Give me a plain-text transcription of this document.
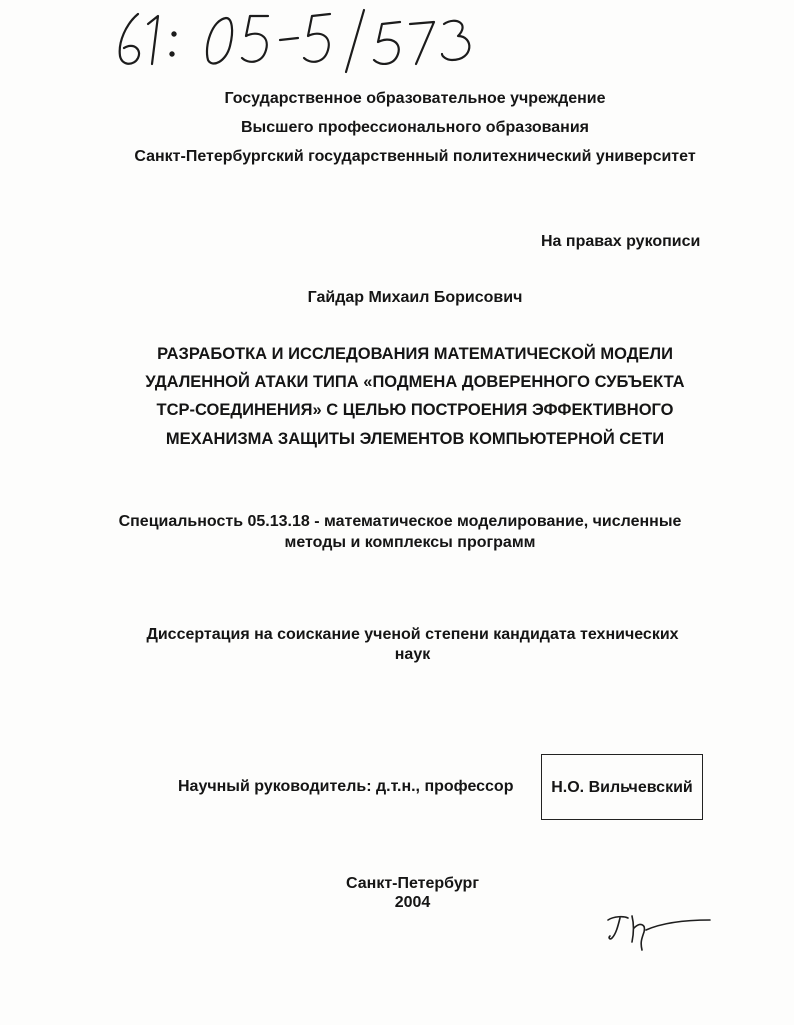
Государственное образовательное учреждение
Высшего профессионального образования
Санкт-Петербургский государственный политехнический университет
На правах рукописи
Гайдар Михаил Борисович
РАЗРАБОТКА И ИССЛЕДОВАНИЯ МАТЕМАТИЧЕСКОЙ МОДЕЛИ
УДАЛЕННОЙ АТАКИ ТИПА «ПОДМЕНА ДОВЕРЕННОГО СУБЪЕКТА
TCP-СОЕДИНЕНИЯ» С ЦЕЛЬЮ ПОСТРОЕНИЯ ЭФФЕКТИВНОГО
МЕХАНИЗМА ЗАЩИТЫ ЭЛЕМЕНТОВ КОМПЬЮТЕРНОЙ СЕТИ
Специальность 05.13.18 - математическое моделирование, численные
методы и комплексы программ
Диссертация на соискание ученой степени кандидата технических
наук
Научный руководитель: д.т.н., профессор	Н.О. Вильчевский
Санкт-Петербург
2004
